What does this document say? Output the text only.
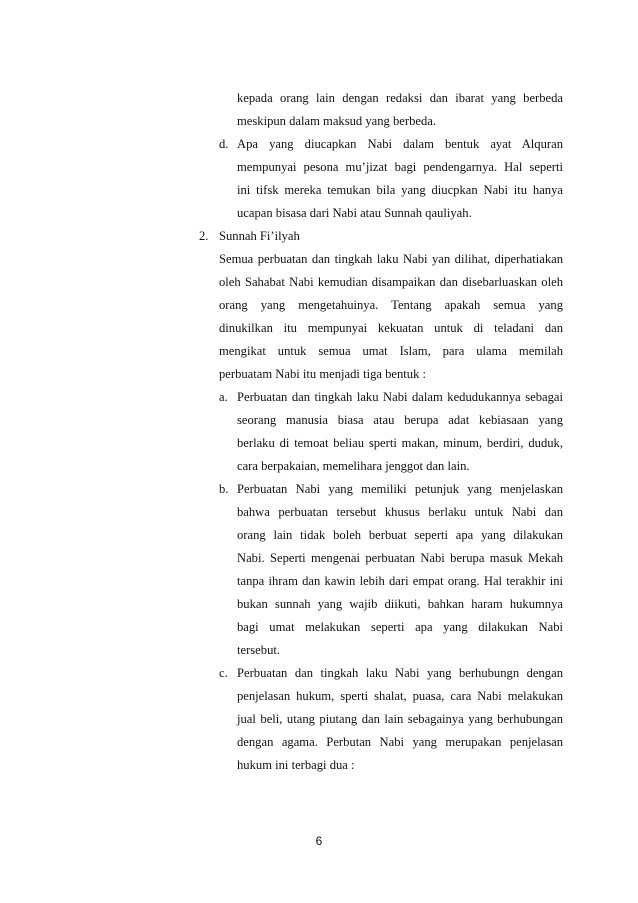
kepada orang lain dengan redaksi dan ibarat yang berbeda
meskipun dalam maksud yang berbeda.
d. Apa yang diucapkan Nabi dalam bentuk ayat Alquran
mempunyai pesona mu’jizat bagi pendengarnya. Hal seperti
ini tifsk mereka temukan bila yang diucpkan Nabi itu hanya
ucapan bisasa dari Nabi atau Sunnah qauliyah.
2. Sunnah Fi’ilyah
Semua perbuatan dan tingkah laku Nabi yan dilihat, diperhatiakan
oleh Sahabat Nabi kemudian disampaikan dan disebarluaskan oleh
orang yang mengetahuinya. Tentang apakah semua yang
dinukilkan itu mempunyai kekuatan untuk di teladani dan
mengikat untuk semua umat Islam, para ulama memilah
perbuatam Nabi itu menjadi tiga bentuk :
a. Perbuatan dan tingkah laku Nabi dalam kedudukannya sebagai
seorang manusia biasa atau berupa adat kebiasaan yang
berlaku di temoat beliau sperti makan, minum, berdiri, duduk,
cara berpakaian, memelihara jenggot dan lain.
b. Perbuatan Nabi yang memiliki petunjuk yang menjelaskan
bahwa perbuatan tersebut khusus berlaku untuk Nabi dan
orang lain tidak boleh berbuat seperti apa yang dilakukan
Nabi. Seperti mengenai perbuatan Nabi berupa masuk Mekah
tanpa ihram dan kawin lebih dari empat orang. Hal terakhir ini
bukan sunnah yang wajib diikuti, bahkan haram hukumnya
bagi umat melakukan seperti apa yang dilakukan Nabi
tersebut.
c. Perbuatan dan tingkah laku Nabi yang berhubungn dengan
penjelasan hukum, sperti shalat, puasa, cara Nabi melakukan
jual beli, utang piutang dan lain sebagainya yang berhubungan
dengan agama. Perbutan Nabi yang merupakan penjelasan
hukum ini terbagi dua :
6
